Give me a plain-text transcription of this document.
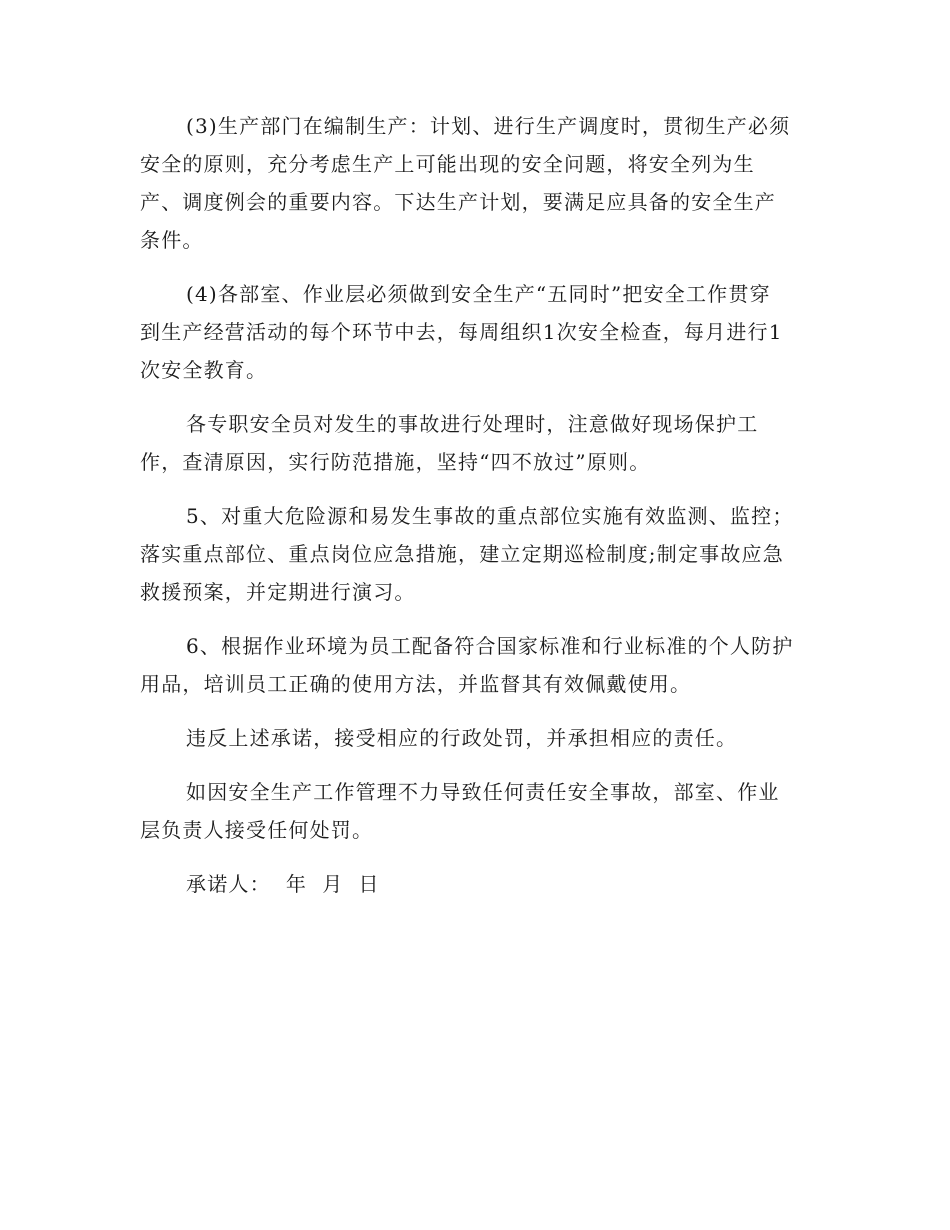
(3)生产部门在编制生产：计划、进行生产调度时，贯彻生产必须
安全的原则，充分考虑生产上可能出现的安全问题，将安全列为生
产、调度例会的重要内容。下达生产计划，要满足应具备的安全生产
条件。
(4)各部室、作业层必须做到安全生产“五同时”把安全工作贯穿
到生产经营活动的每个环节中去，每周组织1次安全检查，每月进行1
次安全教育。
各专职安全员对发生的事故进行处理时，注意做好现场保护工
作，查清原因，实行防范措施，坚持“四不放过”原则。
5、对重大危险源和易发生事故的重点部位实施有效监测、监控；
落实重点部位、重点岗位应急措施，建立定期巡检制度;制定事故应急
救援预案，并定期进行演习。
6、根据作业环境为员工配备符合国家标准和行业标准的个人防护
用品，培训员工正确的使用方法，并监督其有效佩戴使用。
违反上述承诺，接受相应的行政处罚，并承担相应的责任。
如因安全生产工作管理不力导致任何责任安全事故，部室、作业
层负责人接受任何处罚。
承诺人：  年  月  日
